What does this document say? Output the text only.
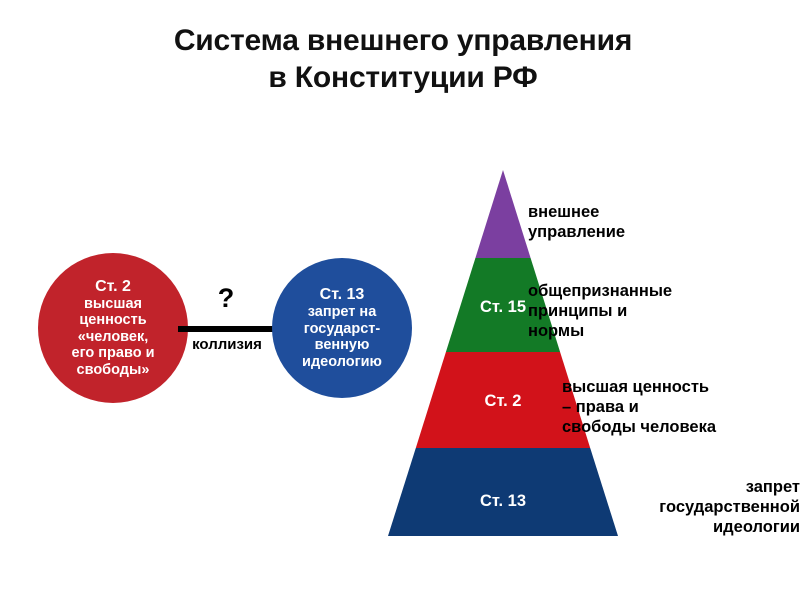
Система внешнего управления
в Конституции РФ
Ст. 2
высшая
ценность
«человек,
его право и
свободы»
?
коллизия
Ст. 13
запрет на
государст-
венную
идеологию
Ст. 15
Ст. 2
Ст. 13
внешнее
управление
общепризнанные
принципы и
нормы
высшая ценность
– права и
свободы человека
запрет
государственной
идеологии
